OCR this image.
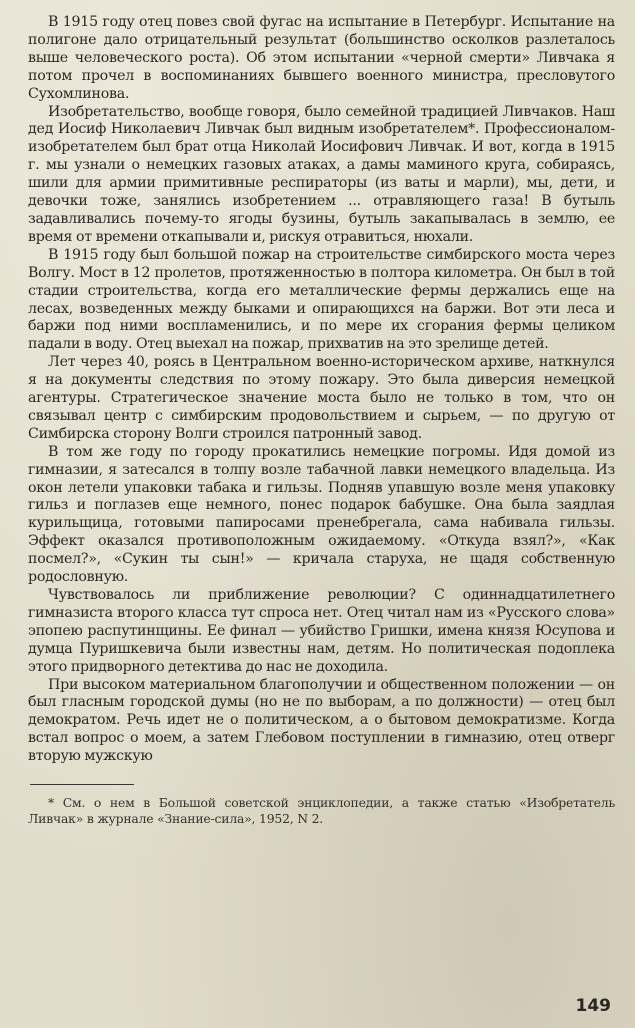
В 1915 году отец повез свой фугас на испытание в Петербург. Испытание на полигоне дало отрицательный результат (большинство осколков разлеталось выше человеческого роста). Об этом испытании «черной смерти» Ливчака я потом прочел в воспоминаниях бывшего военного министра, пресловутого Сухомлинова.

Изобретательство, вообще говоря, было семейной традицией Ливчаков. Наш дед Иосиф Николаевич Ливчак был видным изобретателем*. Профессионалом-изобретателем был брат отца Николай Иосифович Ливчак. И вот, когда в 1915 г. мы узнали о немецких газовых атаках, а дамы маминого круга, собираясь, шили для армии примитивные респираторы (из ваты и марли), мы, дети, и девочки тоже, занялись изобретением ... отравляющего газа! В бутыль задавливались почему-то ягоды бузины, бутыль закапывалась в землю, ее время от времени откапывали и, рискуя отравиться, нюхали.

В 1915 году был большой пожар на строительстве симбирского моста через Волгу. Мост в 12 пролетов, протяженностью в полтора километра. Он был в той стадии строительства, когда его металлические фермы держались еще на лесах, возведенных между быками и опирающихся на баржи. Вот эти леса и баржи под ними воспламенились, и по мере их сгорания фермы целиком падали в воду. Отец выехал на пожар, прихватив на это зрелище детей.

Лет через 40, роясь в Центральном военно-историческом архиве, наткнулся я на документы следствия по этому пожару. Это была диверсия немецкой агентуры. Стратегическое значение моста было не только в том, что он связывал центр с симбирским продовольствием и сырьем, — по другую от Симбирска сторону Волги строился патронный завод.

В том же году по городу прокатились немецкие погромы. Идя домой из гимназии, я затесался в толпу возле табачной лавки немецкого владельца. Из окон летели упаковки табака и гильзы. Подняв упавшую возле меня упаковку гильз и поглазев еще немного, понес подарок бабушке. Она была заядлая курильщица, готовыми папиросами пренебрегала, сама набивала гильзы. Эффект оказался противоположным ожидаемому. «Откуда взял?», «Как посмел?», «Сукин ты сын!» — кричала старуха, не щадя собственную родословную.

Чувствовалось ли приближение революции? С одиннадцатилетнего гимназиста второго класса тут спроса нет. Отец читал нам из «Русского слова» эпопею распутинщины. Ее финал — убийство Гришки, имена князя Юсупова и думца Пуришкевича были известны нам, детям. Но политическая подоплека этого придворного детектива до нас не доходила.

При высоком материальном благополучии и общественном положении — он был гласным городской думы (но не по выборам, а по должности) — отец был демократом. Речь идет не о политическом, а о бытовом демократизме. Когда встал вопрос о моем, а затем Глебовом поступлении в гимназию, отец отверг вторую мужскую

* См. о нем в Большой советской энциклопедии, а также статью «Изобретатель Ливчак» в журнале «Знание-сила», 1952, N 2.

149
